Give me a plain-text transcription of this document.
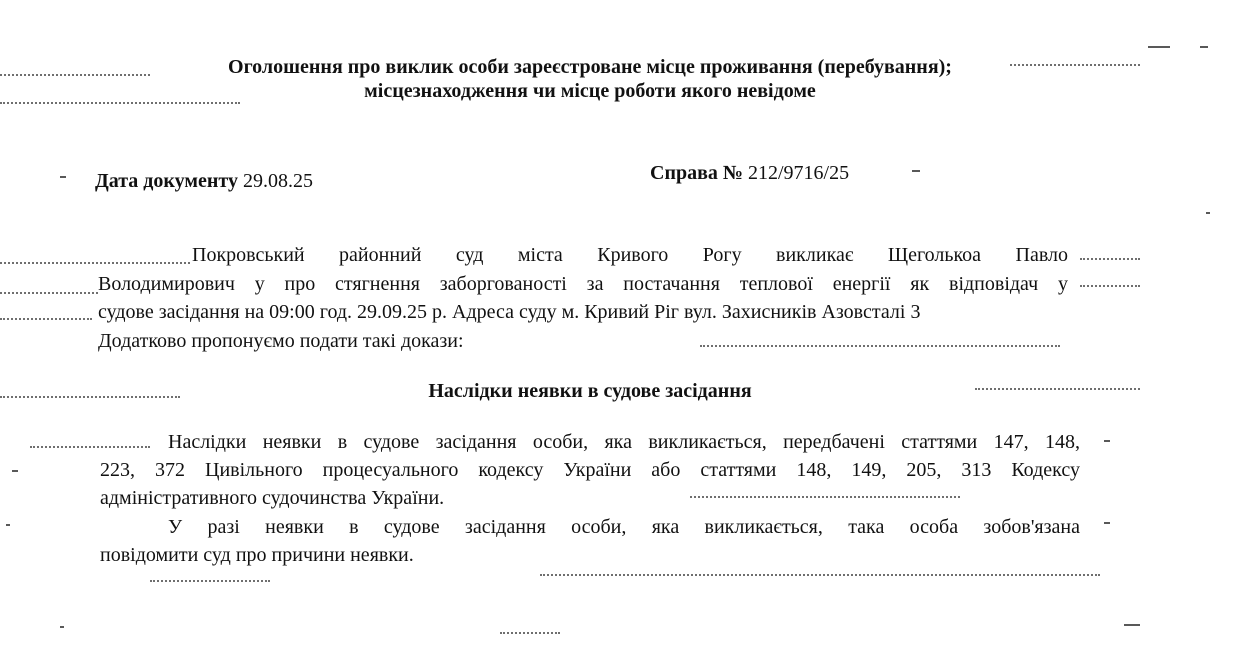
Оголошення про виклик особи зареєстроване місце проживання (перебування);
місцезнаходження чи місце роботи якого невідоме
Дата документу 29.08.25	Справа № 212/9716/25
Покровський районний суд міста Кривого Рогу викликає Щеголькоа Павло
Володимирович у про стягнення заборгованості за постачання теплової енергії як відповідач у
судове засідання на 09:00 год. 29.09.25 р. Адреса суду м. Кривий Ріг вул. Захисників Азовсталі 3
Додатково пропонуємо подати такі докази:
Наслідки неявки в судове засідання
Наслідки неявки в судове засідання особи, яка викликається, передбачені статтями 147, 148,
223, 372 Цивільного процесуального кодексу України або статтями 148, 149, 205, 313 Кодексу
адміністративного судочинства України.
У разі неявки в судове засідання особи, яка викликається, така особа зобов'язана
повідомити суд про причини неявки.
